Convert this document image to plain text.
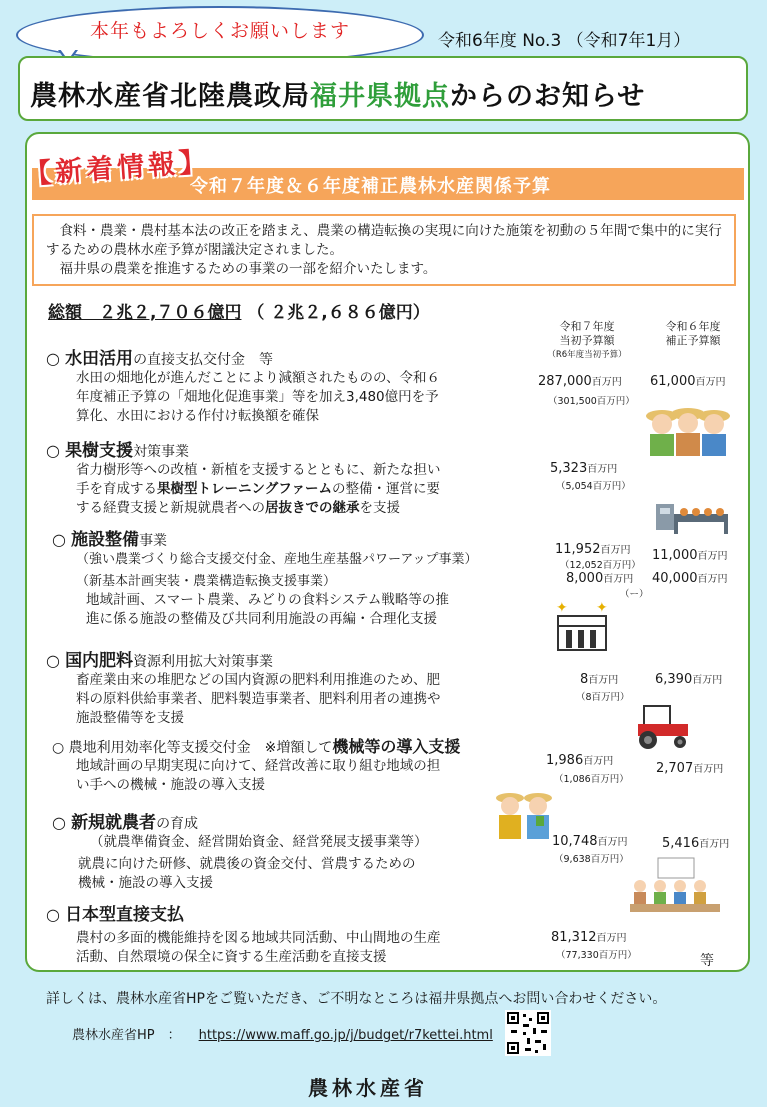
本年もよろしくお願いします	令和6年度 No.3 （令和7年1月）
農林水産省北陸農政局福井県拠点からのお知らせ
令和７年度＆６年度補正農林水産関係予算
【新着情報】

食料・農業・農村基本法の改正を踏まえ、農業の構造転換の実現に向けた施策を初動の５年間で集中的に実行するための農林水産予算が閣議決定されました。

福井県の農業を推進するための事業の一部を紹介いたします。

総額　２兆２,７０６億円 （ ２兆２,６８６億円）
令和７年度
当初予算額
（R6年度当初予算）
令和６年度
補正予算額
○ 水田活用の直接支払交付金　等
水田の畑地化が進んだことにより減額されたものの、令和６
年度補正予算の「畑地化促進事業」等を加え3,480億円を予
算化、水田における作付け転換額を確保
287,000百万円
（301,500百万円）
61,000百万円
○ 果樹支援対策事業
省力樹形等への改植・新植を支援するとともに、新たな担い
手を育成する果樹型トレーニングファームの整備・運営に要
する経費支援と新規就農者への居抜きでの継承を支援
5,323百万円
（5,054百万円）
○ 施設整備事業
（強い農業づくり総合支援交付金、産地生産基盤パワーアップ事業）
（新基本計画実装・農業構造転換支援事業）
地域計画、スマート農業、みどりの食料システム戦略等の推
進に係る施設の整備及び共同利用施設の再編・合理化支援
11,952百万円
（12,052百万円）
11,000百万円
8,000百万円
（ー）
40,000百万円
✦ ✦
○ 国内肥料資源利用拡大対策事業
畜産業由来の堆肥などの国内資源の肥料利用推進のため、肥
料の原料供給事業者、肥料製造事業者、肥料利用者の連携や
施設整備等を支援
8百万円
（8百万円）
6,390百万円
○ 農地利用効率化等支援交付金　※増額して機械等の導入支援
地域計画の早期実現に向けて、経営改善に取り組む地域の担
い手への機械・施設の導入支援
1,986百万円
（1,086百万円）
2,707百万円
○ 新規就農者の育成
（就農準備資金、経営開始資金、経営発展支援事業等）
就農に向けた研修、就農後の資金交付、営農するための
機械・施設の導入支援
10,748百万円
（9,638百万円）
5,416百万円
○ 日本型直接支払
農村の多面的機能維持を図る地域共同活動、中山間地の生産
活動、自然環境の保全に資する生産活動を直接支援
81,312百万円
（77,330百万円）	等
詳しくは、農林水産省HPをご覧いただき、ご不明なところは福井県拠点へお問い合わせください。
農林水産省HP　： https://www.maff.go.jp/j/budget/r7kettei.html
農林水産省
